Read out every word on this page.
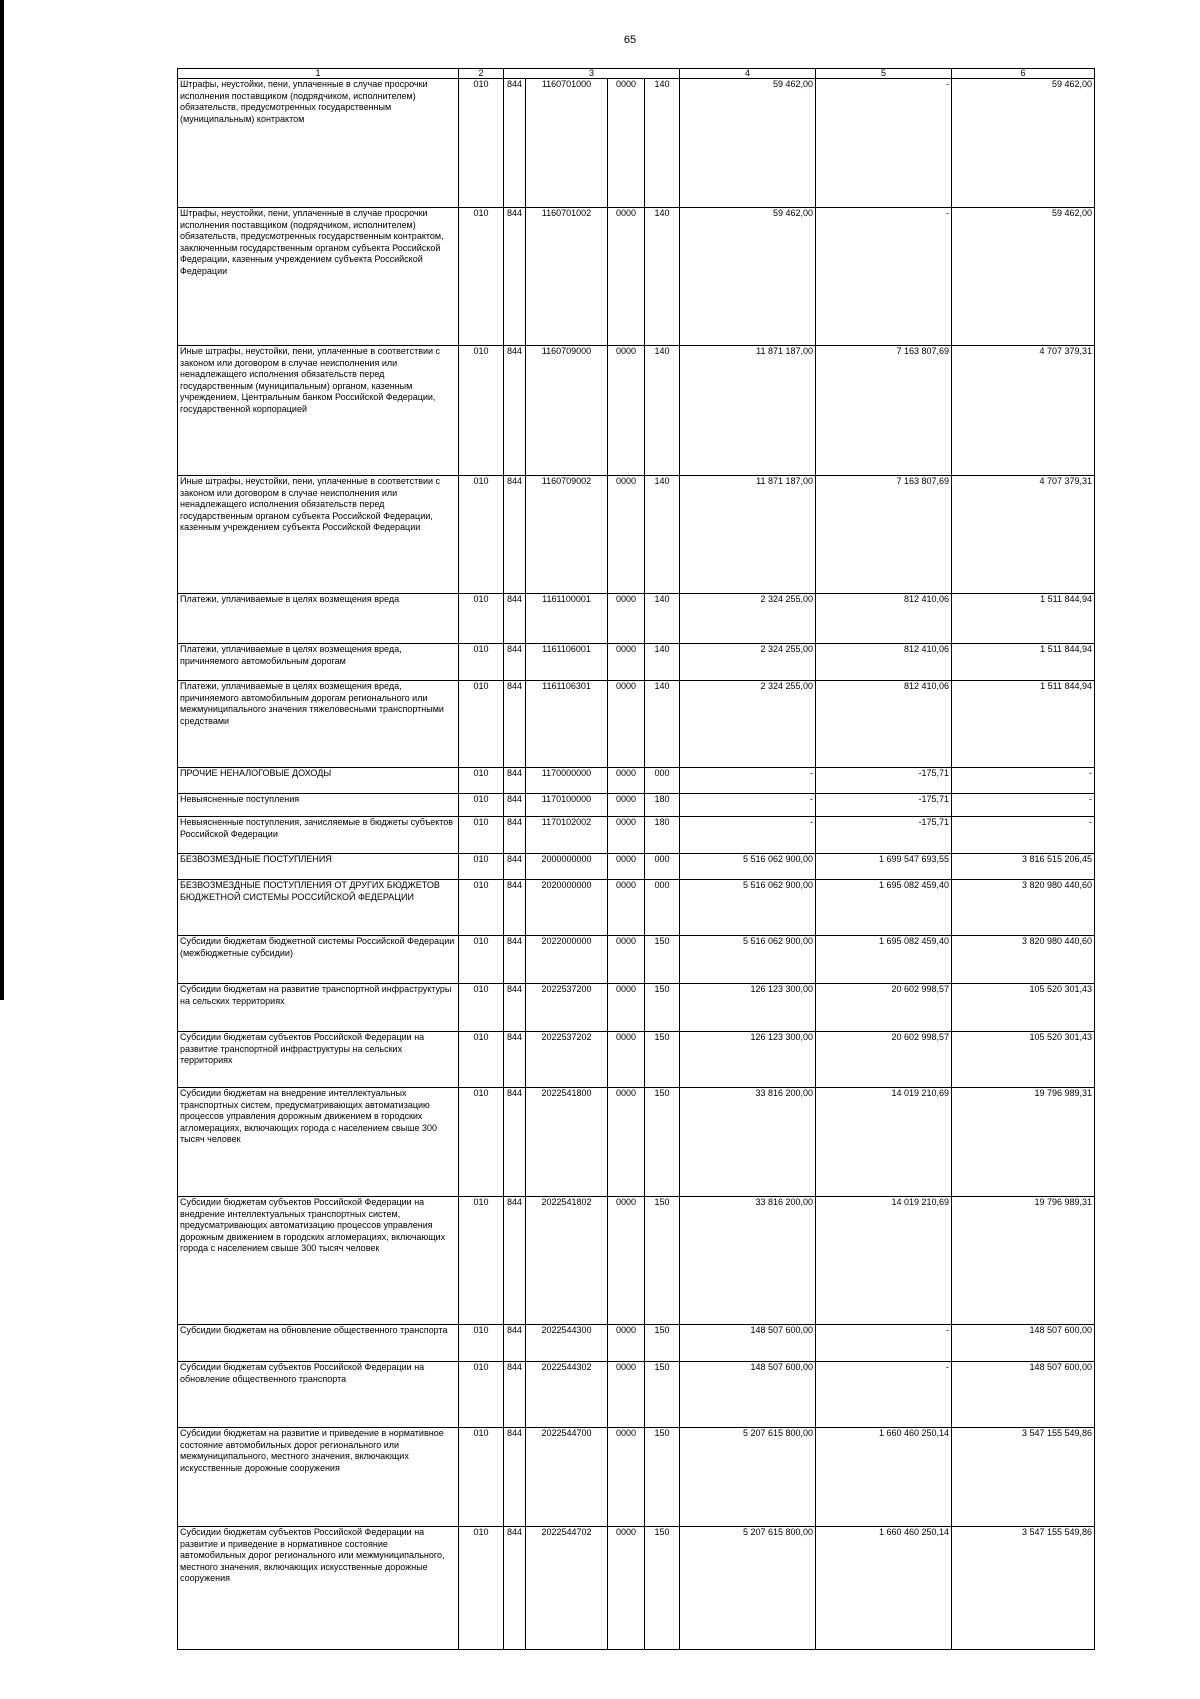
65
1	2	3				4	5	6
Штрафы, неустойки, пени, уплаченные в случае просрочки исполнения поставщиком (подрядчиком, исполнителем) обязательств, предусмотренных государственным (муниципальным) контрактом	010	844	1160701000	0000	140	59 462,00	-	59 462,00
Штрафы, неустойки, пени, уплаченные в случае просрочки исполнения поставщиком (подрядчиком, исполнителем) обязательств, предусмотренных государственным контрактом, заключенным государственным органом субъекта Российской Федерации, казенным учреждением субъекта Российской Федерации	010	844	1160701002	0000	140	59 462,00	-	59 462,00
Иные штрафы, неустойки, пени, уплаченные в соответствии с законом или договором в случае неисполнения или ненадлежащего исполнения обязательств перед государственным (муниципальным) органом, казенным учреждением, Центральным банком Российской Федерации, государственной корпорацией	010	844	1160709000	0000	140	11 871 187,00	7 163 807,69	4 707 379,31
Иные штрафы, неустойки, пени, уплаченные в соответствии с законом или договором в случае неисполнения или ненадлежащего исполнения обязательств перед государственным органом субъекта Российской Федерации, казенным учреждением субъекта Российской Федерации	010	844	1160709002	0000	140	11 871 187,00	7 163 807,69	4 707 379,31
Платежи, уплачиваемые в целях возмещения вреда	010	844	1161100001	0000	140	2 324 255,00	812 410,06	1 511 844,94
Платежи, уплачиваемые в целях возмещения вреда, причиняемого автомобильным дорогам	010	844	1161106001	0000	140	2 324 255,00	812 410,06	1 511 844,94
Платежи, уплачиваемые в целях возмещения вреда, причиняемого автомобильным дорогам регионального или межмуниципального значения тяжеловесными транспортными средствами	010	844	1161106301	0000	140	2 324 255,00	812 410,06	1 511 844,94
ПРОЧИЕ НЕНАЛОГОВЫЕ ДОХОДЫ	010	844	1170000000	0000	000	-	-175,71	-
Невыясненные поступления	010	844	1170100000	0000	180	-	-175,71	-
Невыясненные поступления, зачисляемые в бюджеты субъектов Российской Федерации	010	844	1170102002	0000	180	-	-175,71	-
БЕЗВОЗМЕЗДНЫЕ ПОСТУПЛЕНИЯ	010	844	2000000000	0000	000	5 516 062 900,00	1 699 547 693,55	3 816 515 206,45
БЕЗВОЗМЕЗДНЫЕ ПОСТУПЛЕНИЯ ОТ ДРУГИХ БЮДЖЕТОВ БЮДЖЕТНОЙ СИСТЕМЫ РОССИЙСКОЙ ФЕДЕРАЦИИ	010	844	2020000000	0000	000	5 516 062 900,00	1 695 082 459,40	3 820 980 440,60
Субсидии бюджетам бюджетной системы Российской Федерации (межбюджетные субсидии)	010	844	2022000000	0000	150	5 516 062 900,00	1 695 082 459,40	3 820 980 440,60
Субсидии бюджетам на развитие транспортной инфраструктуры на сельских территориях	010	844	2022537200	0000	150	126 123 300,00	20 602 998,57	105 520 301,43
Субсидии бюджетам субъектов Российской Федерации на развитие транспортной инфраструктуры на сельских территориях	010	844	2022537202	0000	150	126 123 300,00	20 602 998,57	105 520 301,43
Субсидии бюджетам на внедрение интеллектуальных транспортных систем, предусматривающих автоматизацию процессов управления дорожным движением в городских агломерациях, включающих города с населением свыше 300 тысяч человек	010	844	2022541800	0000	150	33 816 200,00	14 019 210,69	19 796 989,31
Субсидии бюджетам субъектов Российской Федерации на внедрение интеллектуальных транспортных систем, предусматривающих автоматизацию процессов управления дорожным движением в городских агломерациях, включающих города с населением свыше 300 тысяч человек	010	844	2022541802	0000	150	33 816 200,00	14 019 210,69	19 796 989,31
Субсидии бюджетам на обновление общественного транспорта	010	844	2022544300	0000	150	148 507 600,00	-	148 507 600,00
Субсидии бюджетам субъектов Российской Федерации на обновление общественного транспорта	010	844	2022544302	0000	150	148 507 600,00	-	148 507 600,00
Субсидии бюджетам на развитие и приведение в нормативное состояние автомобильных дорог регионального или межмуниципального, местного значения, включающих искусственные дорожные сооружения	010	844	2022544700	0000	150	5 207 615 800,00	1 660 460 250,14	3 547 155 549,86
Субсидии бюджетам субъектов Российской Федерации на развитие и приведение в нормативное состояние автомобильных дорог регионального или межмуниципального, местного значения, включающих искусственные дорожные сооружения	010	844	2022544702	0000	150	5 207 615 800,00	1 660 460 250,14	3 547 155 549,86
